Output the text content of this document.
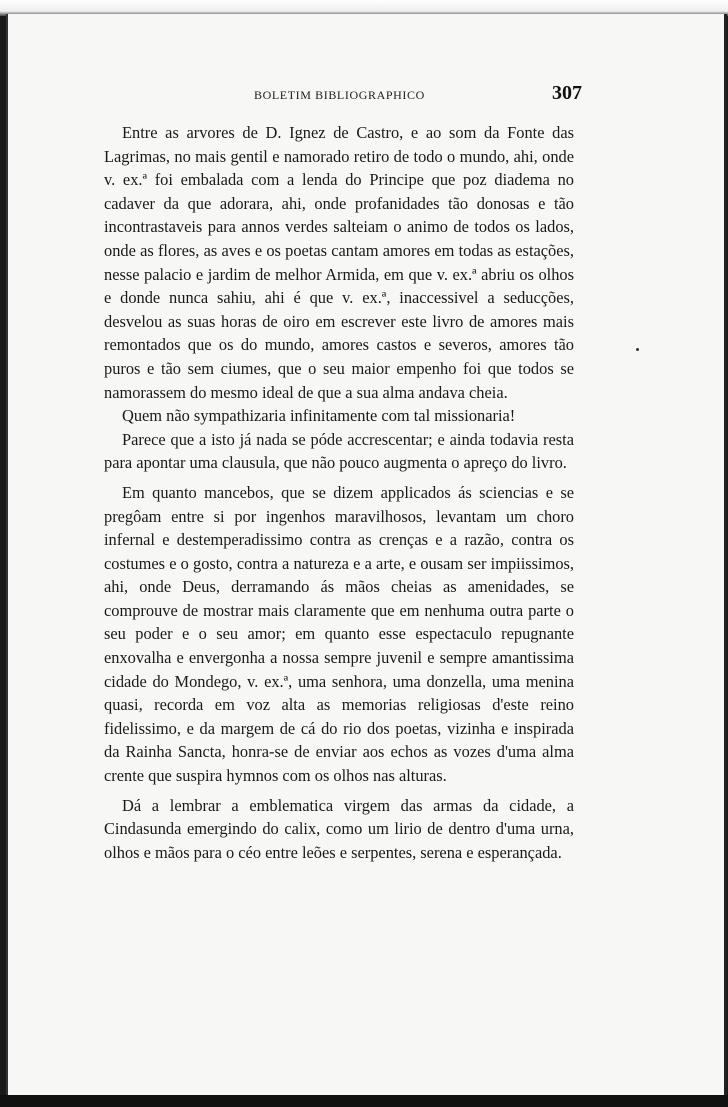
BOLETIM BIBLIOGRAPHICO	307

Entre as arvores de D. Ignez de Castro, e ao som da Fonte das Lagrimas, no mais gentil e namorado retiro de todo o mundo, ahi, onde v. ex.ª foi embalada com a lenda do Principe que poz diadema no cadaver da que adorara, ahi, onde profanidades tão donosas e tão incontrastaveis para annos verdes salteiam o animo de todos os lados, onde as flores, as aves e os poetas cantam amores em todas as estações, nesse palacio e jardim de melhor Armida, em que v. ex.ª abriu os olhos e donde nunca sahiu, ahi é que v. ex.ª, inaccessivel a seducções, desvelou as suas horas de oiro em escrever este livro de amores mais remontados que os do mundo, amores castos e severos, amores tão puros e tão sem ciumes, que o seu maior empenho foi que todos se namorassem do mesmo ideal de que a sua alma andava cheia.

Quem não sympathizaria infinitamente com tal missionaria!

Parece que a isto já nada se póde accrescentar; e ainda todavia resta para apontar uma clausula, que não pouco augmenta o apreço do livro.

Em quanto mancebos, que se dizem applicados ás sciencias e se pregôam entre si por ingenhos maravilhosos, levantam um choro infernal e destemperadissimo contra as crenças e a razão, contra os costumes e o gosto, contra a natureza e a arte, e ousam ser impiissimos, ahi, onde Deus, derramando ás mãos cheias as amenidades, se comprouve de mostrar mais claramente que em nenhuma outra parte o seu poder e o seu amor; em quanto esse espectaculo repugnante enxovalha e envergonha a nossa sempre juvenil e sempre amantissima cidade do Mondego, v. ex.ª, uma senhora, uma donzella, uma menina quasi, recorda em voz alta as memorias religiosas d'este reino fidelissimo, e da margem de cá do rio dos poetas, vizinha e inspirada da Rainha Sancta, honra-se de enviar aos echos as vozes d'uma alma crente que suspira hymnos com os olhos nas alturas.

Dá a lembrar a emblematica virgem das armas da cidade, a Cindasunda emergindo do calix, como um lirio de dentro d'uma urna, olhos e mãos para o céo entre leões e serpentes, serena e esperançada.
